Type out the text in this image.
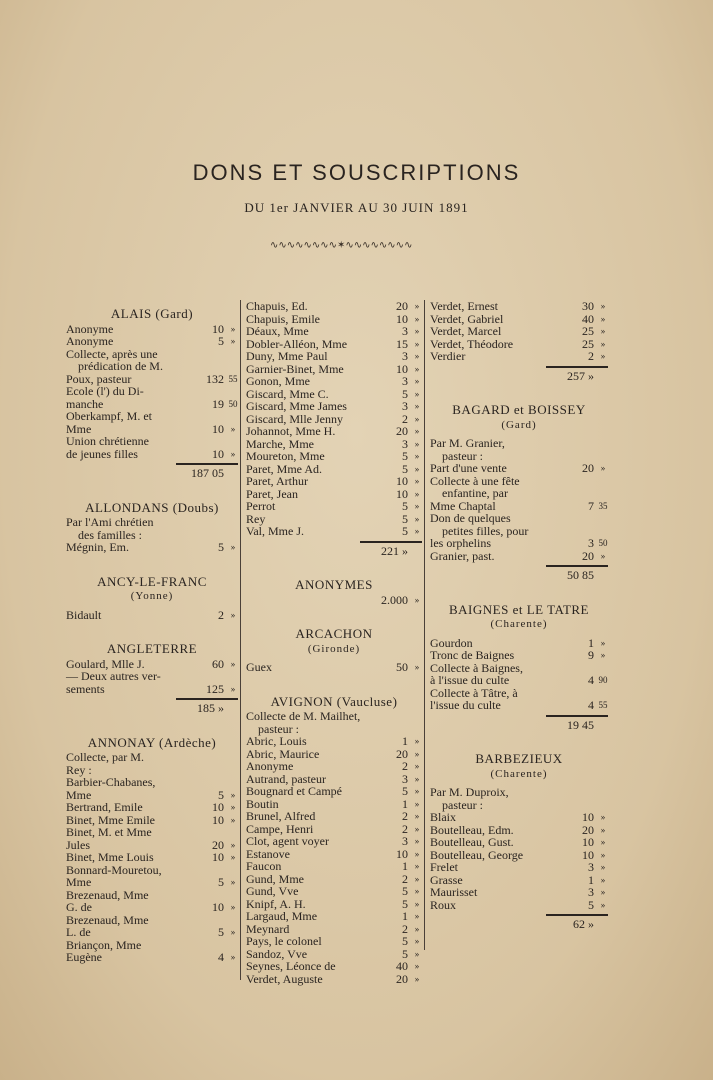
DONS ET SOUSCRIPTIONS
DU 1er JANVIER AU 30 JUIN 1891
∿∿∿∿∿∿∿∿✶∿∿∿∿∿∿∿∿
ALAIS (Gard)
Anonyme	10 »
Anonyme	5 »
Collecte, après une
prédication de M.
Poux, pasteur	132 55
Ecole (l') du Di-
manche	19 50
Oberkampf, M. et
Mme	10 »
Union chrétienne
de jeunes filles	10 »
187 05
ALLONDANS (Doubs)
Par l'Ami chrétien
des familles :
Mégnin, Em.	5 »
ANCY-LE-FRANC
(Yonne)
Bidault	2 »
ANGLETERRE
Goulard, Mlle J.	60 »
— Deux autres ver-
sements	125 »
185 »
ANNONAY (Ardèche)
Collecte, par M.
Rey :
Barbier-Chabanes,
Mme	5 »
Bertrand, Emile	10 »
Binet, Mme Emile	10 »
Binet, M. et Mme
Jules	20 »
Binet, Mme Louis	10 »
Bonnard-Mouretou,
Mme	5 »
Brezenaud, Mme
G. de	10 »
Brezenaud, Mme
L. de	5 »
Briançon, Mme
Eugène	4 »
Chapuis, Ed.	20 »
Chapuis, Emile	10 »
Déaux, Mme	3 »
Dobler-Alléon, Mme	15 »
Duny, Mme Paul	3 »
Garnier-Binet, Mme	10 »
Gonon, Mme	3 »
Giscard, Mme C.	5 »
Giscard, Mme James	3 »
Giscard, Mlle Jenny	2 »
Johannot, Mme H.	20 »
Marche, Mme	3 »
Moureton, Mme	5 »
Paret, Mme Ad.	5 »
Paret, Arthur	10 »
Paret, Jean	10 »
Perrot	5 »
Rey	5 »
Val, Mme J.	5 »
221 »
ANONYMES
2.000 »
ARCACHON
(Gironde)
Guex	50 »
AVIGNON (Vaucluse)
Collecte de M. Mailhet,
pasteur :
Abric, Louis	1 »
Abric, Maurice	20 »
Anonyme	2 »
Autrand, pasteur	3 »
Bougnard et Campé	5 »
Boutin	1 »
Brunel, Alfred	2 »
Campe, Henri	2 »
Clot, agent voyer	3 »
Estanove	10 »
Faucon	1 »
Gund, Mme	2 »
Gund, Vve	5 »
Knipf, A. H.	5 »
Largaud, Mme	1 »
Meynard	2 »
Pays, le colonel	5 »
Sandoz, Vve	5 »
Seynes, Léonce de	40 »
Verdet, Auguste	20 »
Verdet, Ernest	30 »
Verdet, Gabriel	40 »
Verdet, Marcel	25 »
Verdet, Théodore	25 »
Verdier	2 »
257 »
BAGARD et BOISSEY
(Gard)
Par M. Granier,
pasteur :
Part d'une vente	20 »
Collecte à une fête
enfantine, par
Mme Chaptal	7 35
Don de quelques
petites filles, pour
les orphelins	3 50
Granier, past.	20 »
50 85
BAIGNES et LE TATRE
(Charente)
Gourdon	1 »
Tronc de Baignes	9 »
Collecte à Baignes,
à l'issue du culte	4 90
Collecte à Tâtre, à
l'issue du culte	4 55
19 45
BARBEZIEUX
(Charente)
Par M. Duproix,
pasteur :
Blaix	10 »
Boutelleau, Edm.	20 »
Boutelleau, Gust.	10 »
Boutelleau, George	10 »
Frelet	3 »
Grasse	1 »
Maurisset	3 »
Roux	5 »
62 »
